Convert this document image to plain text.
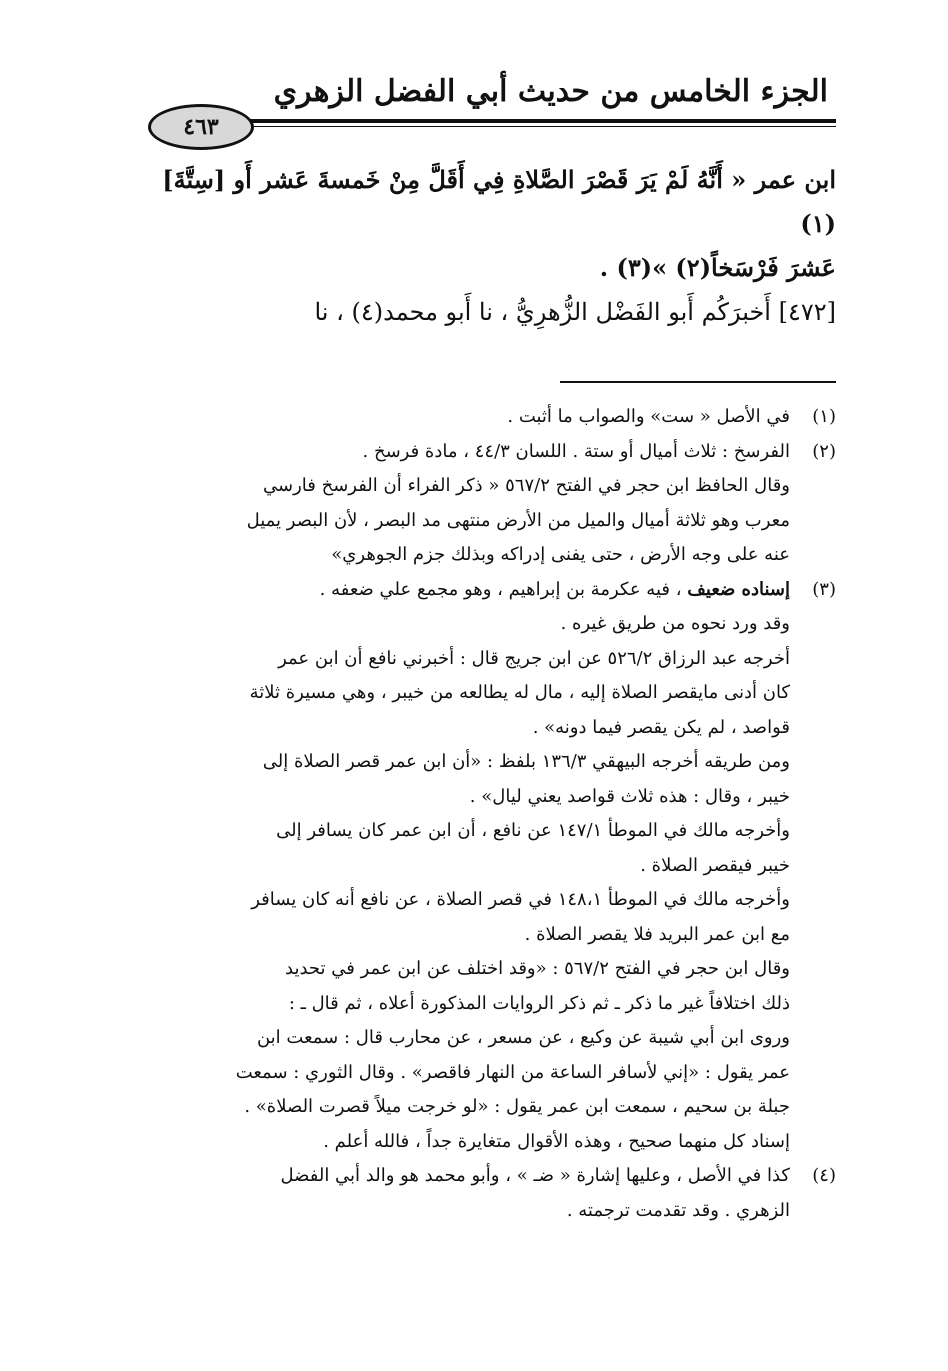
الجزء الخامس من حديث أبي الفضل الزهري
٤٦٣

ابن عمر « أَنَّهُ لَمْ يَرَ قَصْرَ الصَّلاةِ فِي أَقَلَّ مِنْ خَمسةَ عَشر أَو [سِتَّةَ](١)

عَشرَ فَرْسَخاً(٢) »(٣) .

[٤٧٢] أَخبرَكُم أَبو الفَضْل الزُّهرِيُّ ، نا أَبو محمد(٤) ، نا

(١)
في الأصل « ست» والصواب ما أثبت .
(٢)
الفرسخ : ثلاث أميال أو ستة . اللسان ٤٤/٣ ، مادة فرسخ .
وقال الحافظ ابن حجر في الفتح ٥٦٧/٢ « ذكر الفراء أن الفرسخ فارسي
معرب وهو ثلاثة أميال والميل من الأرض منتهى مد البصر ، لأن البصر يميل
عنه على وجه الأرض ، حتى يفنى إدراكه وبذلك جزم الجوهري»
(٣)
إسناده ضعيف ، فيه عكرمة بن إبراهيم ، وهو مجمع علي ضعفه .
وقد ورد نحوه من طريق غيره .
أخرجه عبد الرزاق ٥٢٦/٢ عن ابن جريج قال : أخبرني نافع أن ابن عمر
كان أدنى مايقصر الصلاة إليه ، مال له يطالعه من خيبر ، وهي مسيرة ثلاثة
قواصد ، لم يكن يقصر فيما دونه» .
ومن طريقه أخرجه البيهقي ١٣٦/٣ بلفظ : «أن ابن عمر قصر الصلاة إلى
خيبر ، وقال : هذه ثلاث قواصد يعني ليال» .
وأخرجه مالك في الموطأ ١٤٧/١ عن نافع ، أن ابن عمر كان يسافر إلى
خيبر فيقصر الصلاة .
وأخرجه مالك في الموطأ ١٤٨،١ في قصر الصلاة ، عن نافع أنه كان يسافر
مع ابن عمر البريد فلا يقصر الصلاة .
وقال ابن حجر في الفتح ٥٦٧/٢ : «وقد اختلف عن ابن عمر في تحديد
ذلك اختلافاً غير ما ذكر ـ ثم ذكر الروايات المذكورة أعلاه ، ثم قال ـ :
وروى ابن أبي شيبة عن وكيع ، عن مسعر ، عن محارب قال : سمعت ابن
عمر يقول : «إني لأسافر الساعة من النهار فاقصر» . وقال الثوري : سمعت
جبلة بن سحيم ، سمعت ابن عمر يقول : «لو خرجت ميلاً قصرت الصلاة» .
إسناد كل منهما صحيح ، وهذه الأقوال متغايرة جداً ، فالله أعلم .
(٤)
كذا في الأصل ، وعليها إشارة « ضـ » ، وأبو محمد هو والد أبي الفضل
الزهري . وقد تقدمت ترجمته .
